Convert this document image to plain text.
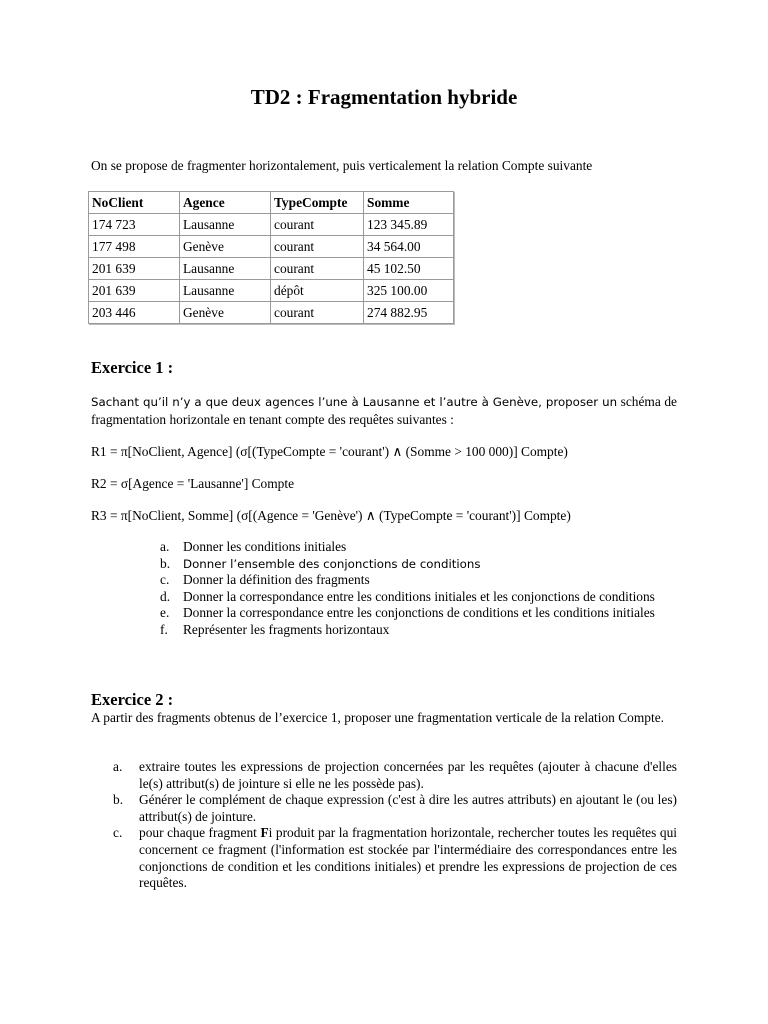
TD2 : Fragmentation hybride
On se propose de fragmenter horizontalement, puis verticalement la relation Compte suivante
NoClient	Agence	TypeCompte	Somme
174 723	Lausanne	courant	123 345.89
177 498	Genève	courant	34 564.00
201 639	Lausanne	courant	45 102.50
201 639	Lausanne	dépôt	325 100.00
203 446	Genève	courant	274 882.95
Exercice 1 :
Sachant qu’il n’y a que deux agences l’une à Lausanne et l’autre à Genève, proposer un schéma de fragmentation horizontale en tenant compte des requêtes suivantes :
R1 = π[NoClient, Agence] (σ[(TypeCompte = 'courant') ∧ (Somme > 100 000)] Compte)
R2 = σ[Agence = 'Lausanne'] Compte
R3 = π[NoClient, Somme] (σ[(Agence = 'Genève') ∧ (TypeCompte = 'courant')] Compte)
a. Donner les conditions initiales
b. Donner l’ensemble des conjonctions de conditions
c. Donner la définition des fragments
d. Donner la correspondance entre les conditions initiales et les conjonctions de conditions
e. Donner la correspondance entre les conjonctions de conditions et les conditions initiales
f. Représenter les fragments horizontaux
Exercice 2 :
A partir des fragments obtenus de l’exercice 1, proposer une fragmentation verticale de la relation Compte.
a. extraire toutes les expressions de projection concernées par les requêtes (ajouter à chacune d'elles le(s) attribut(s) de jointure si elle ne les possède pas).
b. Générer le complément de chaque expression (c'est à dire les autres attributs) en ajoutant le (ou les) attribut(s) de jointure.
c. pour chaque fragment Fi produit par la fragmentation horizontale, rechercher toutes les requêtes qui concernent ce fragment (l'information est stockée par l'intermédiaire des correspondances entre les conjonctions de condition et les conditions initiales) et prendre les expressions de projection de ces requêtes.
